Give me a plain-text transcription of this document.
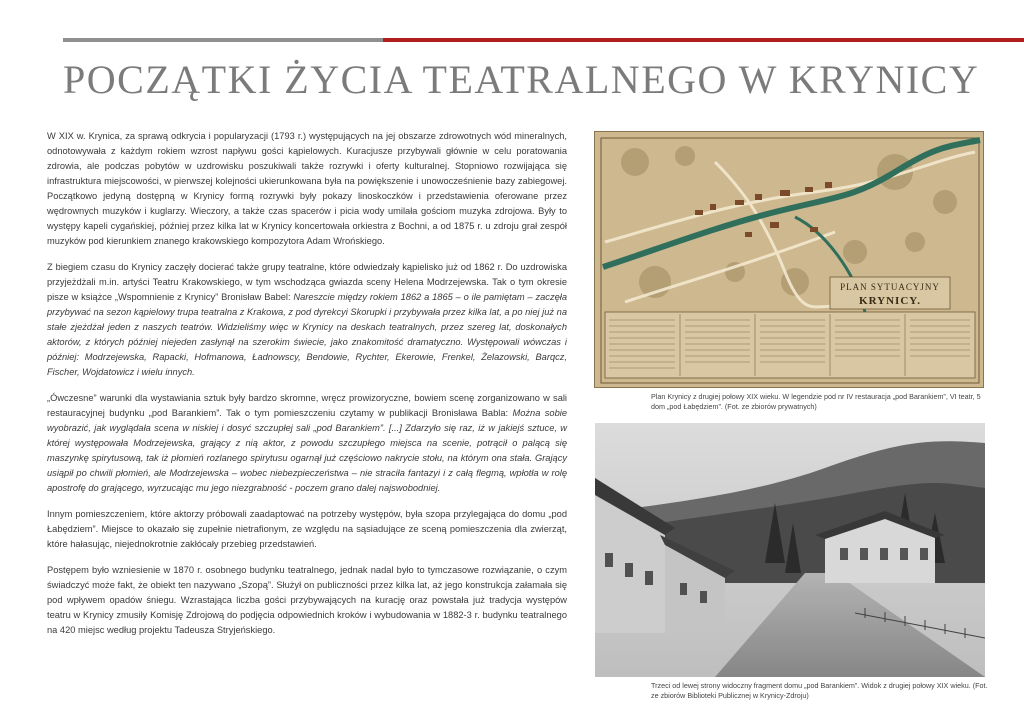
POCZĄTKI ŻYCIA TEATRALNEGO W KRYNICY

W XIX w. Krynica, za sprawą odkrycia i popularyzacji (1793 r.) występujących na jej obszarze zdrowotnych wód mineralnych, odnotowywała z każdym rokiem wzrost napływu gości kąpielowych. Kuracjusze przybywali głównie w celu poratowania zdrowia, ale podczas pobytów w uzdrowisku poszukiwali także rozrywki i oferty kulturalnej. Stopniowo rozwijająca się infrastruktura miejscowości, w pierwszej kolejności ukierunkowana była na powiększenie i unowocześnienie bazy zabiegowej. Początkowo jedyną dostępną w Krynicy formą rozrywki były pokazy linoskoczków i przedstawienia oferowane przez wędrownych muzyków i kuglarzy. Wieczory, a także czas spacerów i picia wody umilała gościom muzyka zdrojowa. Były to występy kapeli cygańskiej, później przez kilka lat w Krynicy koncertowała orkiestra z Bochni, a od 1875 r. u zdroju grał zespół muzyków pod kierunkiem znanego krakowskiego kompozytora Adam Wrońskiego.

Z biegiem czasu do Krynicy zaczęły docierać także grupy teatralne, które odwiedzały kąpielisko już od 1862 r. Do uzdrowiska przyjeżdżali m.in. artyści Teatru Krakowskiego, w tym wschodząca gwiazda sceny Helena Modrzejewska. Tak o tym okresie pisze w książce „Wspomnienie z Krynicy” Bronisław Babel: Nareszcie między rokiem 1862 a 1865 – o ile pamiętam – zaczęła przybywać na sezon kąpielowy trupa teatralna z Krakowa, z pod dyrekcyi Skorupki i przybywała przez kilka lat, a po niej już na stałe zjeżdżał jeden z naszych teatrów. Widzieliśmy więc w Krynicy na deskach teatralnych, przez szereg lat, doskonałych aktorów, z których później niejeden zasłynął na szerokim świecie, jako znakomitość dramatyczno. Występowali wówczas i później: Modrzejewska, Rapacki, Hofmanowa, Ładnowscy, Bendowie, Rychter, Ekerowie, Frenkel, Żelazowski, Barqcz, Fischer, Wojdatowicz i wielu innych.

„Ówczesne” warunki dla wystawiania sztuk były bardzo skromne, wręcz prowizoryczne, bowiem scenę zorganizowano w sali restauracyjnej budynku „pod Barankiem”. Tak o tym pomieszczeniu czytamy w publikacji Bronisława Babla: Można sobie wyobrazić, jak wyglądała scena w niskiej i dosyć szczupłej sali „pod Barankiem”. [...] Zdarzyło się raz, iż w jakiejś sztuce, w której występowała Modrzejewska, grający z nią aktor, z powodu szczupłego miejsca na scenie, potrącił o palącą się maszynkę spirytusową, tak iż płomień rozlanego spirytusu ogarnął już częściowo nakrycie stołu, na którym ona stała. Grający usiąpił po chwili płomień, ale Modrzejewska – wobec niebezpieczeństwa – nie straciła fantazyi i z całą flegmą, wpłotła w rolę apostrofę do grającego, wyrzucając mu jego niezgrabność - poczem grano dalej najswobodniej.

Innym pomieszczeniem, które aktorzy próbowali zaadaptować na potrzeby występów, była szopa przylegająca do domu „pod Łabędziem”. Miejsce to okazało się zupełnie nietrafionym, ze względu na sąsiadujące ze sceną pomieszczenia dla zwierząt, które hałasując, niejednokrotnie zakłócały przebieg przedstawień.

Postępem było wzniesienie w 1870 r. osobnego budynku teatralnego, jednak nadal było to tymczasowe rozwiązanie, o czym świadczyć może fakt, że obiekt ten nazywano „Szopą”. Służył on publiczności przez kilka lat, aż jego konstrukcja załamała się pod wpływem opadów śniegu. Wzrastająca liczba gości przybywających na kurację oraz powstała już tradycja występów teatru w Krynicy zmusiły Komisję Zdrojową do podjęcia odpowiednich kroków i wybudowania w 1882-3 r. budynku teatralnego na 420 miejsc według projektu Tadeusza Stryjeńskiego.

PLAN SYTUACYJNY
KRYNICY.
Plan Krynicy z drugiej połowy XIX wieku. W legendzie pod nr IV restauracja „pod Barankiem”, VI teatr, 5 dom „pod Łabędziem”. (Fot. ze zbiorów prywatnych)
Trzeci od lewej strony widoczny fragment domu „pod Barankiem”. Widok z drugiej połowy XIX wieku. (Fot. ze zbiorów Biblioteki Publicznej w Krynicy-Zdroju)
